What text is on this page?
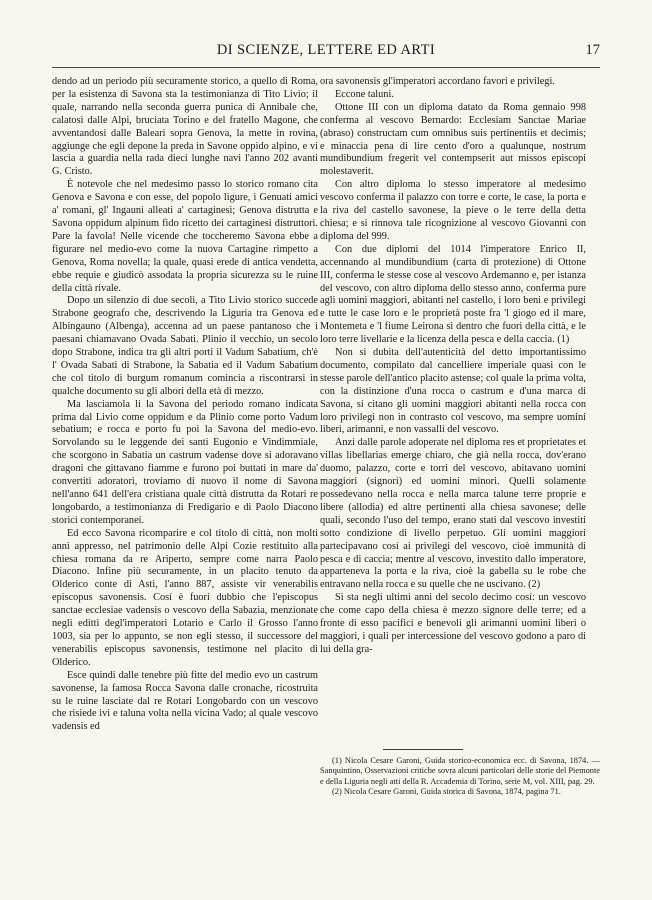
DI SCIENZE, LETTERE ED ARTI	17

dendo ad un periodo più securamente storico, a quello di Roma, per la esistenza di Savona sta la testimonianza di Tito Livio; il quale, narrando nella seconda guerra punica di Annibale che, calatosi dalle Alpi, bruciata Torino e del fratello Magone, che avventandosi dalle Baleari sopra Genova, la mette in rovina, aggiunge che egli depone la preda in Savone oppido alpino, e vi lascia a guardia nella rada dieci lunghe navi l'anno 202 avanti G. Cristo.

È notevole che nel medesimo passo lo storico romano cita Genova e Savona e con esse, del popolo ligure, i Genuati amici a' romani, gl' Ingauni alleati a' cartaginesi; Genova distrutta e Savona oppidum alpinum fido ricetto dei cartaginesi distruttori. Pare la favola! Nelle vicende che toccheremo Savona ebbe a figurare nel medio-evo come la nuova Cartagine rimpetto a Genova, Roma novella; la quale, quasi erede di antica vendetta, ebbe requie e giudicò assodata la propria sicurezza su le ruine della città rivale.

Dopo un silenzio di due secoli, a Tito Livio storico succede Strabone geografo che, descrivendo la Liguria tra Genova ed Albingauno (Albenga), accenna ad un paese pantanoso che i paesani chiamavano Ovada Sabati. Plinio il vecchio, un secolo dopo Strabone, indica tra gli altri porti il Vadum Sabatium, ch'è l' Ovada Sabati di Strabone, la Sabatia ed il Vadum Sabatium che col titolo di burgum romanum comincia a riscontrarsi in qualche documento su gli albori della età di mezzo.

Ma lasciamola li la Savona del periodo romano indicata prima dal Livio come oppidum e da Plinio come porto Vadum sebatium; e rocca e porto fu poi la Savona del medio-evo. Sorvolando su le leggende dei santi Eugonio e Vindimmiale, che scorgono in Sabatia un castrum vadense dove si adoravano dragoni che gittavano fiamme e furono poi buttati in mare da' convertiti adoratori, troviamo di nuovo il nome di Savona nell'anno 641 dell'era cristiana quale città distrutta da Rotari re longobardo, a testimonianza di Fredigario e di Paolo Diacono storici contemporanei.

Ed ecco Savona ricomparire e col titolo di città, non molti anni appresso, nel patrimonio delle Alpi Cozie restituito alla chiesa romana da re Ariperto, sempre come narra Paolo Diacono. Infine più securamente, in un placito tenuto da Olderico conte di Asti, l'anno 887, assiste vir venerabilis episcopus savonensis. Cosí è fuori dubbio che l'episcopus sanctae ecclesiae vadensis o vescovo della Sabazia, menzionate negli editti degl'imperatori Lotario e Carlo il Grosso l'anno 1003, sia per lo appunto, se non egli stesso, il successore del venerabilis episcopus savonensis, testimone nel placito di Olderico.

Esce quindi dalle tenebre più fitte del medio evo un castrum savonense, la famosa Rocca Savona dalle cronache, ricostruita su le ruine lasciate dal re Rotari Longobardo con un vescovo che risiede ivi e taluna volta nella vicina Vado; al quale vescovo vadensis ed

ora savonensis gl'imperatori accordano favori e privilegi.

Eccone taluni.

Ottone III con un diploma datato da Roma gennaio 998 conferma al vescovo Bernardo: Ecclesiam Sanctae Mariae (abraso) constructam cum omnibus suis pertinentiis et decimis; e minaccia pena di lire cento d'oro a qualunque, nostrum mundibundium fregerit vel contempserit aut missos episcopi molestaverit.

Con altro diploma lo stesso imperatore al medesimo vescovo conferma il palazzo con torre e corte, le case, la porta e la riva del castello savonese, la pieve o le terre della detta chiesa; e si rinnova tale ricognizione al vescovo Giovanni con diploma del 999.

Con due diplomi del 1014 l'imperatore Enrico II, accennando al mundibundium (carta di protezione) di Ottone III, conferma le stesse cose al vescovo Ardemanno e, per istanza del vescovo, con altro diploma dello stesso anno, conferma pure agli uomini maggiori, abitanti nel castello, i loro beni e privilegi e tutte le case loro e le proprietà poste fra 'l giogo ed il mare, Montemeta e 'l fiume Leirona si dentro che fuori della città, e le loro terre livellarie e la licenza della pesca e della caccia. (1)

Non si dubita dell'autenticità del detto importantissimo documento, compilato dal cancelliere imperiale quasi con le stesse parole dell'antico placito astense; col quale la prima volta, con la distinzione d'una rocca o castrum e d'una marca di Savona, si citano gli uomini maggiori abitanti nella rocca con loro privilegi non in contrasto col vescovo, ma sempre uomini liberi, arimanni, e non vassalli del vescovo.

Anzi dalle parole adoperate nel diploma res et proprietates et villas libellarias emerge chiaro, che già nella rocca, dov'erano duomo, palazzo, corte e torri del vescovo, abitavano uomini maggiori (signori) ed uomini minori. Quelli solamente possedevano nella rocca e nella marca talune terre proprie e libere (allodia) ed altre pertinenti alla chiesa savonese; delle quali, secondo l'uso del tempo, erano stati dal vescovo investiti sotto condizione di livello perpetuo. Gli uomini maggiori partecipavano cosí ai privilegi del vescovo, cioè immunità di pesca e di caccia; mentre al vescovo, investito dallo imperatore, apparteneva la porta e la riva, cioè la gabella su le robe che entravano nella rocca e su quelle che ne uscivano. (2)

Si sta negli ultimi anni del secolo decimo cosí: un vescovo che come capo della chiesa è mezzo signore delle terre; ed a fronte di esso pacifici e benevoli gli arimanni uomini liberi o maggiori, i quali per intercessione del vescovo godono a paro di lui della gra-

(1) Nicola Cesare Garoni, Guida storico-economica ecc. di Savona, 1874. — Sanquintino, Osservazioni critiche sovra alcuni particolari delle storie del Piemonte e della Liguria negli atti della R. Accademia di Torino, serie M, vol. XIII, pag. 29.

(2) Nicola Cesare Garoni, Guida storica di Savona, 1874, pagina 71.
